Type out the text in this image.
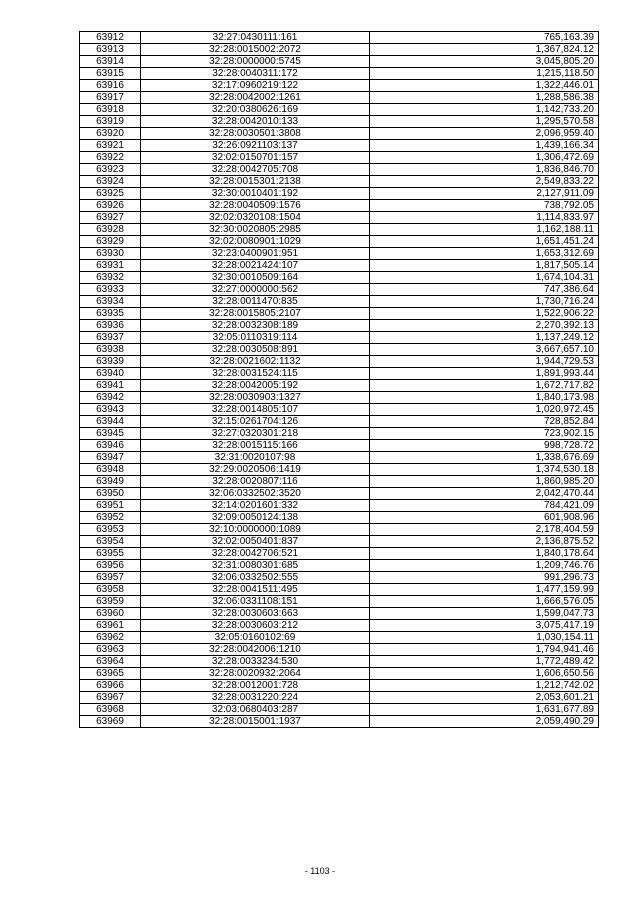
63912	32:27:0430111:161	765,163.39
63913	32:28:0015002:2072	1,367,824.12
63914	32:28:0000000:5745	3,045,805.20
63915	32:28:0040311:172	1,215,118.50
63916	32:17:0960219:122	1,322,446.01
63917	32:28:0042002:1261	1,288,586.38
63918	32:20:0380626:169	1,142,733.20
63919	32:28:0042010:133	1,295,570.58
63920	32:28:0030501:3808	2,096,959.40
63921	32:26:0921103:137	1,439,166.34
63922	32:02:0150701:157	1,306,472.69
63923	32:28:0042705:708	1,836,846.70
63924	32:28:0015301:2138	2,549,833.22
63925	32:30:0010401:192	2,127,911.09
63926	32:28:0040509:1576	738,792.05
63927	32:02:0320108:1504	1,114,833.97
63928	32:30:0020805:2985	1,162,188.11
63929	32:02:0080901:1029	1,651,451.24
63930	32:23:0400901:951	1,653,312.69
63931	32:28:0021424:107	1,817,505.14
63932	32:30:0010509:164	1,674,104.31
63933	32:27:0000000:562	747,386.64
63934	32:28:0011470:835	1,730,716.24
63935	32:28:0015805:2107	1,522,906.22
63936	32:28:0032308:189	2,270,392.13
63937	32:05:0110319:114	1,137,249.12
63938	32:28:0030508:891	3,667,657.10
63939	32:28:0021602:1132	1,944,729.53
63940	32:28:0031524:115	1,891,993.44
63941	32:28:0042005:192	1,672,717.82
63942	32:28:0030903:1327	1,840,173.98
63943	32:28:0014805:107	1,020,972.45
63944	32:15:0261704:126	728,852.84
63945	32:27:0320301:218	723,902.15
63946	32:28:0015115:166	998,728.72
63947	32:31:0020107:98	1,338,676.69
63948	32:29:0020506:1419	1,374,530.18
63949	32:28:0020807:116	1,860,985.20
63950	32:06:0332502:3520	2,042,470.44
63951	32:14:0201601:332	784,421.09
63952	32:09:0050124:138	601,908.96
63953	32:10:0000000:1089	2,178,404.59
63954	32:02:0050401:837	2,136,875.52
63955	32:28:0042706:521	1,840,178.64
63956	32:31:0080301:685	1,209,746.76
63957	32:06:0332502:555	991,296.73
63958	32:28:0041511:495	1,477,159.99
63959	32:06:0331108:151	1,666,576.05
63960	32:28:0030603:663	1,599,047.73
63961	32:28:0030603:212	3,075,417.19
63962	32:05:0160102:69	1,030,154.11
63963	32:28:0042006:1210	1,794,941.46
63964	32:28:0033234:530	1,772,489.42
63965	32:28:0020932:2064	1,606,650.56
63966	32:28:0012001:728	1,212,742.02
63967	32:28:0031220:224	2,053,601.21
63968	32:03:0680403:287	1,631,677.89
63969	32:28:0015001:1937	2,059,490.29
- 1103 -
